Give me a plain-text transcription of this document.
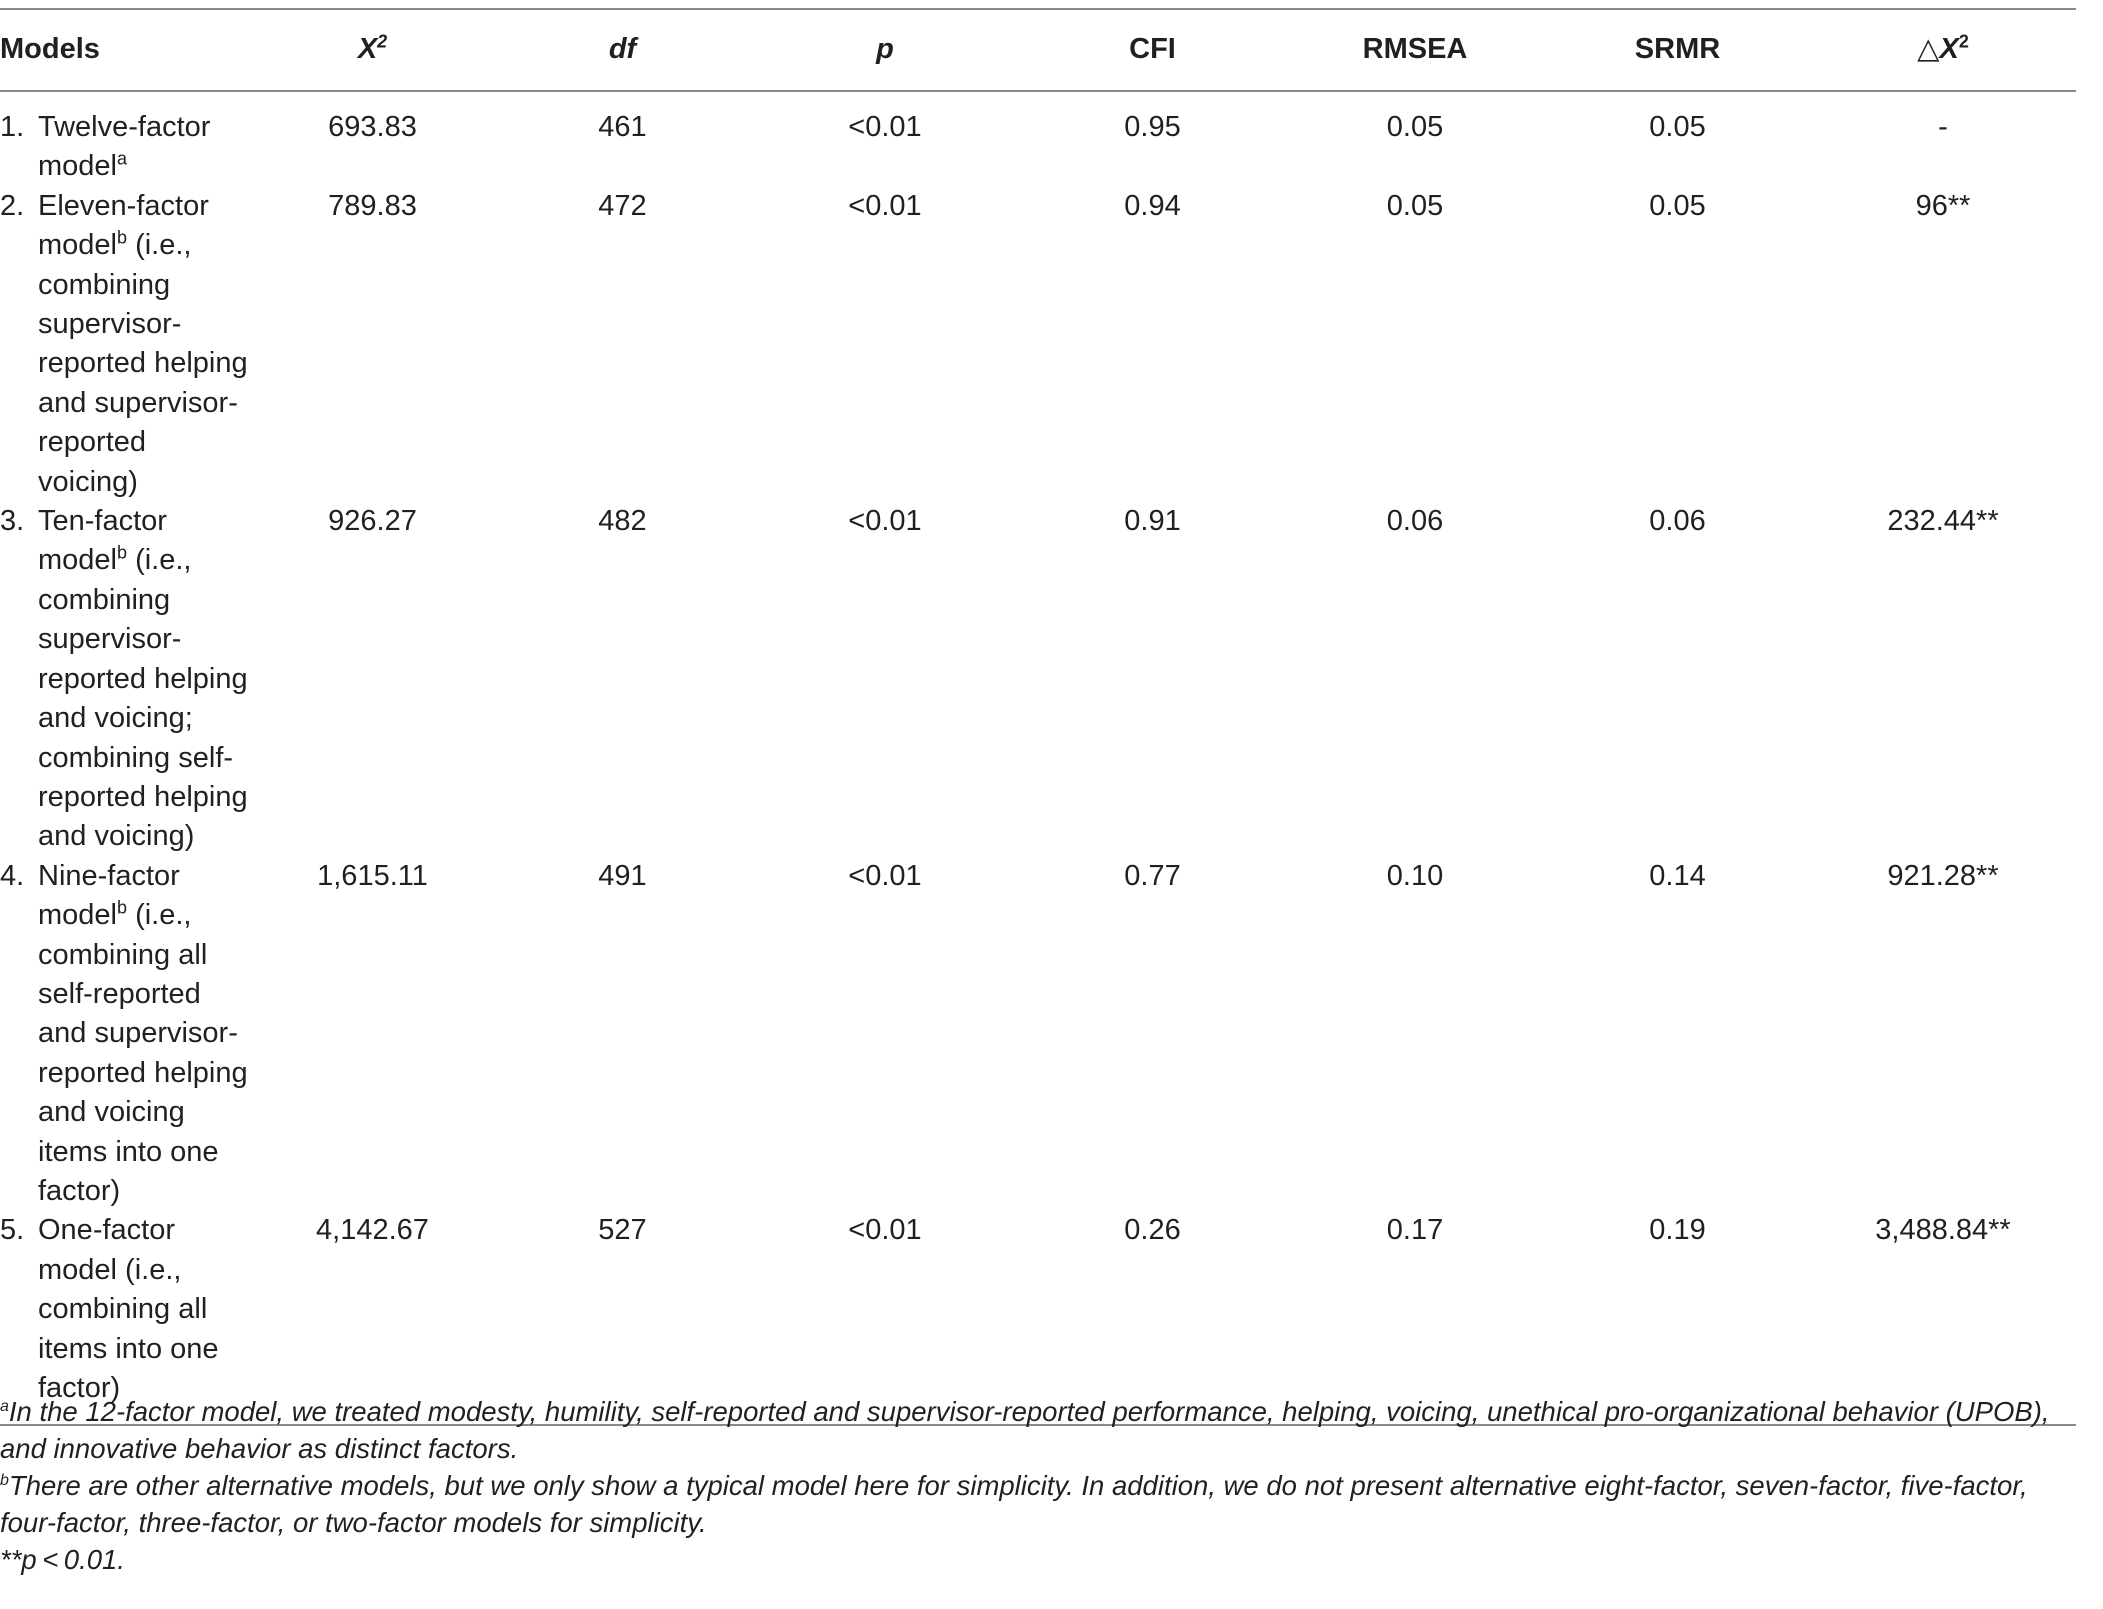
Models	$X^2$	df	p	CFI	RMSEA	SRMR	$\triangle X^2$

1. Twelve-factor model$^a$	693.83	461	<0.01	0.95	0.05	0.05	-

2. Eleven-factor model$^b$ (i.e., combining supervisor-reported helping and supervisor-reported voicing)	789.83	472	<0.01	0.94	0.05	0.05	96**

3. Ten-factor model$^b$ (i.e., combining supervisor-reported helping and voicing; combining self-reported helping and voicing)	926.27	482	<0.01	0.91	0.06	0.06	232.44**

4. Nine-factor model$^b$ (i.e., combining all self-reported and supervisor-reported helping and voicing items into one factor)	1,615.11	491	<0.01	0.77	0.10	0.14	921.28**

5. One-factor model (i.e., combining all items into one factor)	4,142.67	527	<0.01	0.26	0.17	0.19	3,488.84**

$^a$In the 12-factor model, we treated modesty, humility, self-reported and supervisor-reported performance, helping, voicing, unethical pro-organizational behavior (UPOB), and innovative behavior as distinct factors.

$^b$There are other alternative models, but we only show a typical model here for simplicity. In addition, we do not present alternative eight-factor, seven-factor, five-factor, four-factor, three-factor, or two-factor models for simplicity.

**p < 0.01.
